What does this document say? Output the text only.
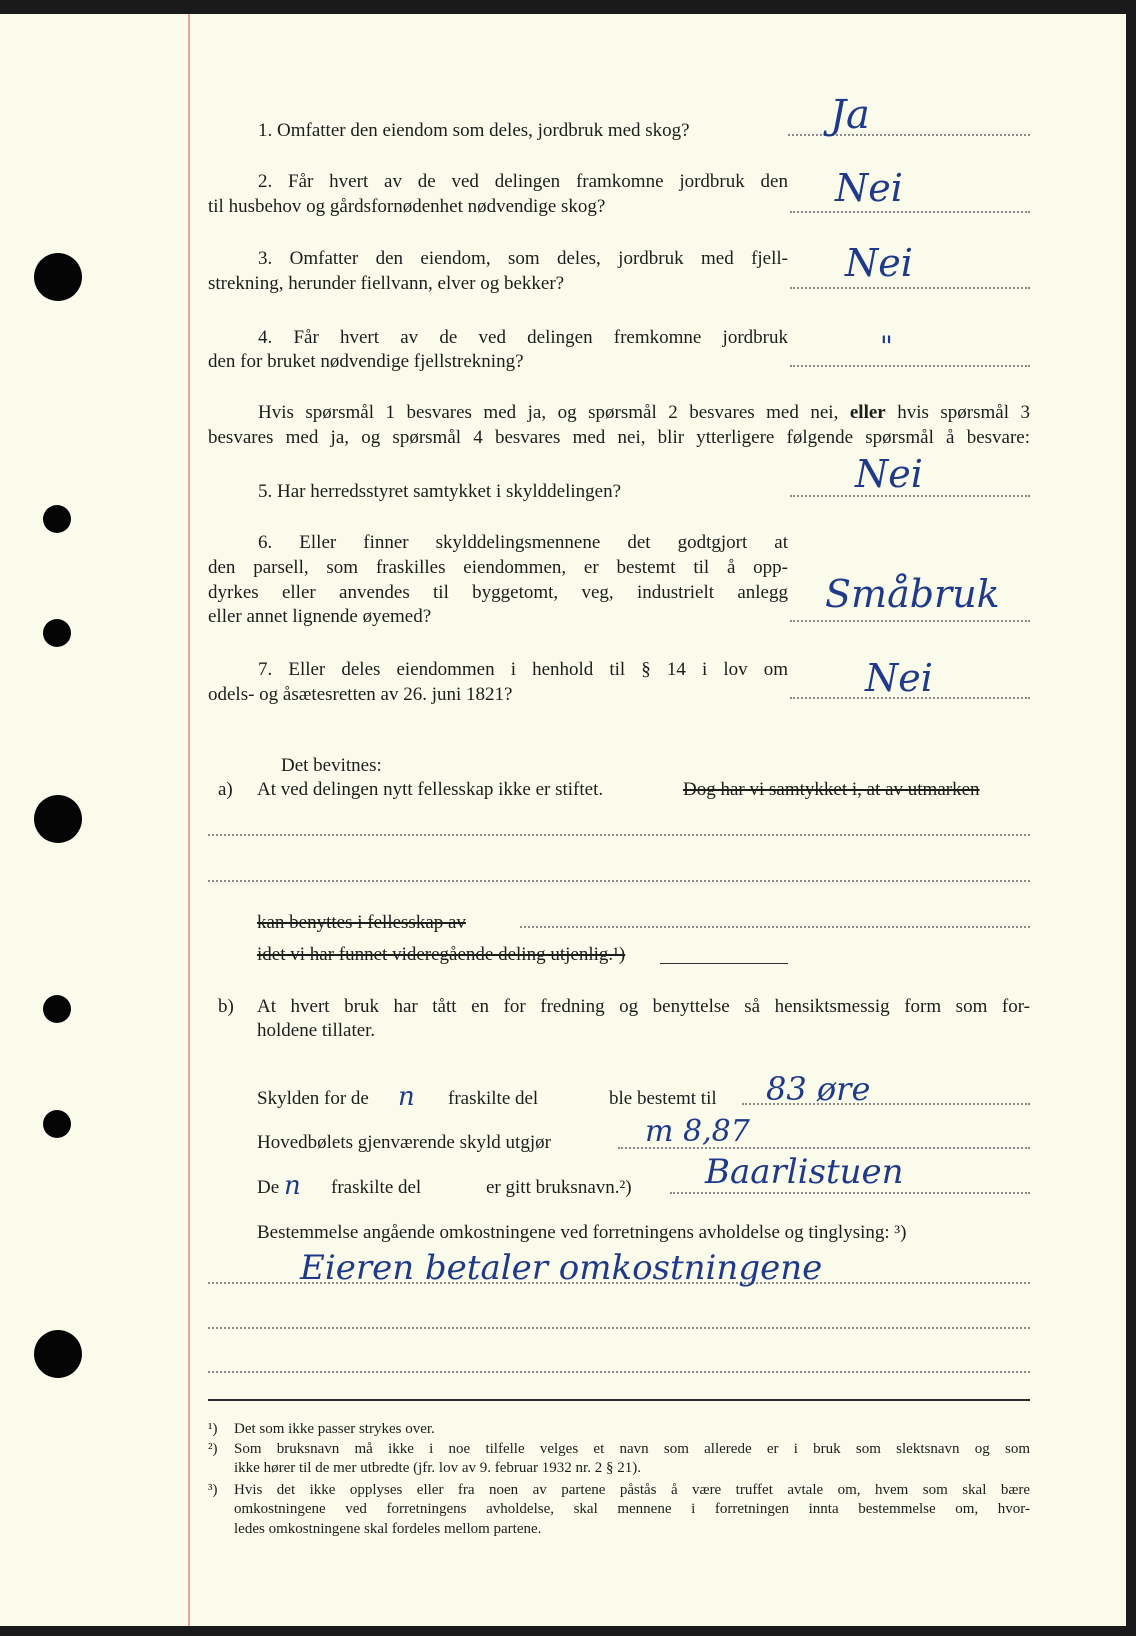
1. Omfatter den eiendom som deles, jordbruk med skog?	Ja
2. Får hvert av de ved delingen framkomne jordbruk den
til husbehov og gårdsfornødenhet nødvendige skog?	Nei
3. Omfatter den eiendom, som deles, jordbruk med fjell-
strekning, herunder fiellvann, elver og bekker?	Nei
4. Får hvert av de ved delingen fremkomne jordbruk
den for bruket nødvendige fjellstrekning?	"
Hvis spørsmål 1 besvares med ja, og spørsmål 2 besvares med nei, eller hvis spørsmål 3
besvares med ja, og spørsmål 4 besvares med nei, blir ytterligere følgende spørsmål å besvare:
5. Har herredsstyret samtykket i skylddelingen?	Nei
6. Eller finner skylddelingsmennene det godtgjort at
den parsell, som fraskilles eiendommen, er bestemt til å opp-
dyrkes eller anvendes til byggetomt, veg, industrielt anlegg
eller annet lignende øyemed?
Småbruk
7. Eller deles eiendommen i henhold til § 14 i lov om
odels- og åsætesretten av 26. juni 1821?	Nei
Det bevitnes:
a) At ved delingen nytt fellesskap ikke er stiftet.	Dog har vi samtykket i, at av utmarken
kan benyttes i fellesskap av
idet vi har funnet videregående deling utjenlig.¹)
b) At hvert bruk har tått en for fredning og benyttelse så hensiktsmessig form som for-
holdene tillater.
Skylden for de n fraskilte del	ble bestemt til 83 øre
Hovedbølets gjenværende skyld utgjør	m 8,87
De n fraskilte del	er gitt bruksnavn.²) Baarlistuen
Bestemmelse angående omkostningene ved forretningens avholdelse og tinglysing: ³)
Eieren betaler omkostningene
¹) Det som ikke passer strykes over.
²) Som bruksnavn må ikke i noe tilfelle velges et navn som allerede er i bruk som slektsnavn og som
ikke hører til de mer utbredte (jfr. lov av 9. februar 1932 nr. 2 § 21).
³) Hvis det ikke opplyses eller fra noen av partene påstås å være truffet avtale om, hvem som skal bære
omkostningene ved forretningens avholdelse, skal mennene i forretningen innta bestemmelse om, hvor-
ledes omkostningene skal fordeles mellom partene.
